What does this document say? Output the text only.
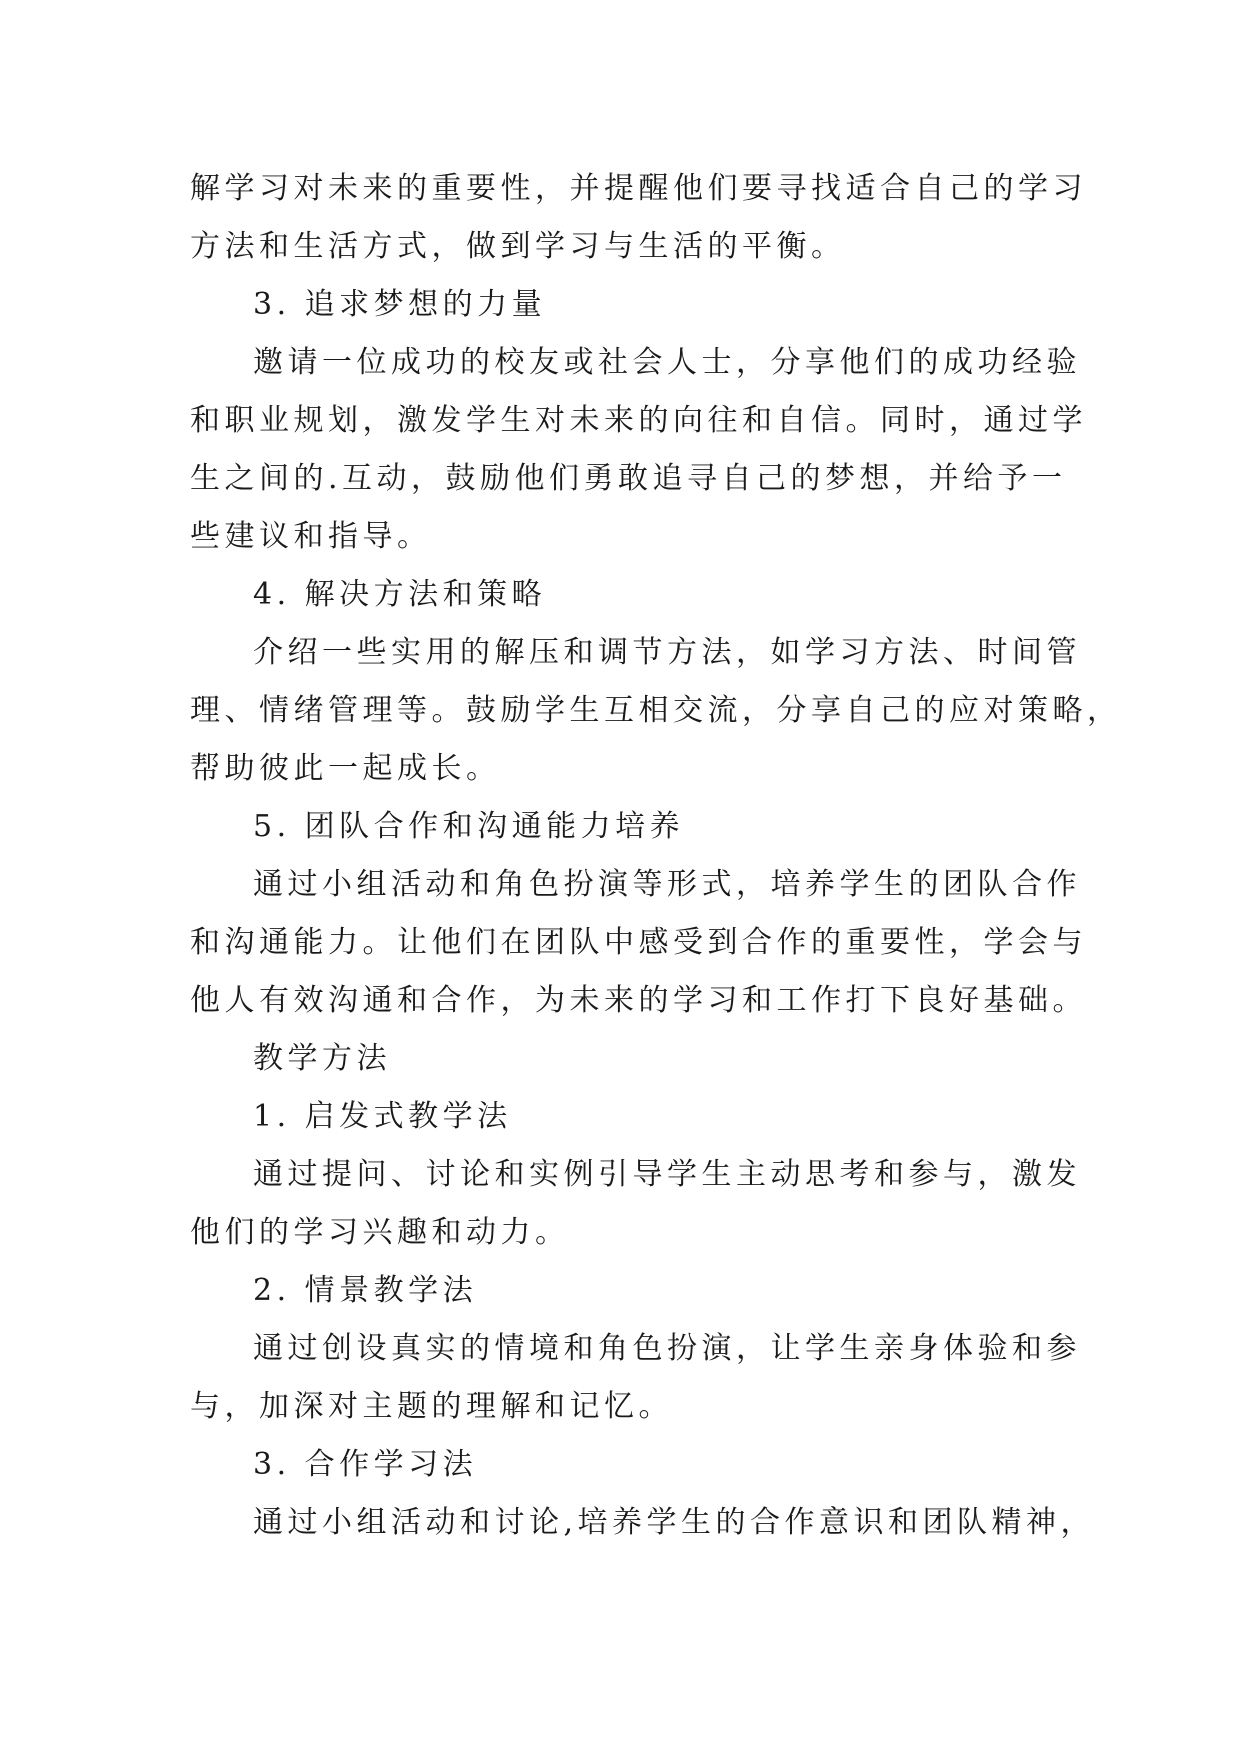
解学习对未来的重要性，并提醒他们要寻找适合自己的学习
方法和生活方式，做到学习与生活的平衡。
3. 追求梦想的力量
邀请一位成功的校友或社会人士，分享他们的成功经验
和职业规划，激发学生对未来的向往和自信。同时，通过学
生之间的.互动，鼓励他们勇敢追寻自己的梦想，并给予一
些建议和指导。
4. 解决方法和策略
介绍一些实用的解压和调节方法，如学习方法、时间管
理、情绪管理等。鼓励学生互相交流，分享自己的应对策略，
帮助彼此一起成长。
5. 团队合作和沟通能力培养
通过小组活动和角色扮演等形式，培养学生的团队合作
和沟通能力。让他们在团队中感受到合作的重要性，学会与
他人有效沟通和合作，为未来的学习和工作打下良好基础。
教学方法
1. 启发式教学法
通过提问、讨论和实例引导学生主动思考和参与，激发
他们的学习兴趣和动力。
2. 情景教学法
通过创设真实的情境和角色扮演，让学生亲身体验和参
与，加深对主题的理解和记忆。
3. 合作学习法
通过小组活动和讨论,培养学生的合作意识和团队精神，
